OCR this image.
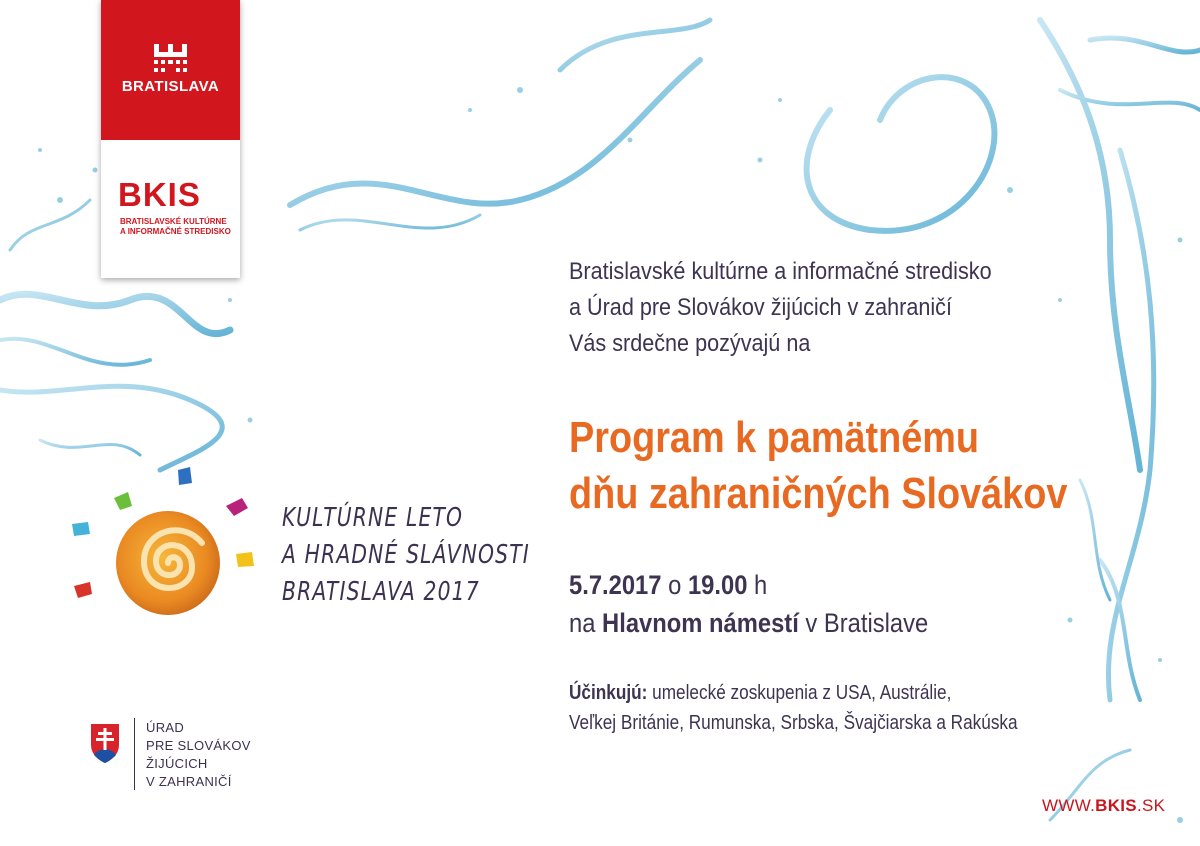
BRATISLAVA
BKIS
BRATISLAVSKÉ KULTÚRNE
A INFORMAČNÉ STREDISKO
Bratislavské kultúrne a informačné stredisko
a Úrad pre Slovákov žijúcich v zahraničí
Vás srdečne pozývajú na
Program k pamätnému
dňu zahraničných Slovákov
5.7.2017 o 19.00 h
na Hlavnom námestí v Bratislave
Účinkujú: umelecké zoskupenia z USA, Austrálie,
Veľkej Británie, Rumunska, Srbska, Švajčiarska a Rakúska
KULTÚRNE LETO
A HRADNÉ SLÁVNOSTI
BRATISLAVA 2017
ÚRAD
PRE SLOVÁKOV
ŽIJÚCICH
V ZAHRANIČÍ
WWW.BKIS.SK
